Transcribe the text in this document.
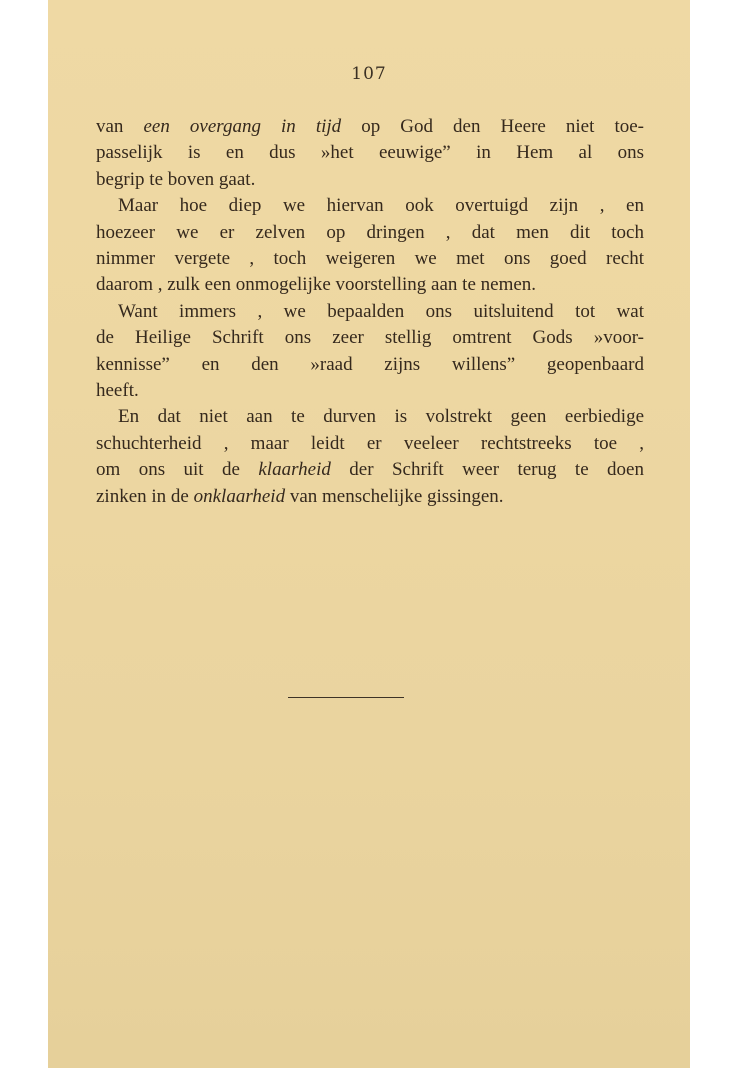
107
van een overgang in tijd op God den Heere niet toe-
passelijk is en dus »het eeuwige” in Hem al ons
begrip te boven gaat.
Maar hoe diep we hiervan ook overtuigd zijn , en
hoezeer we er zelven op dringen , dat men dit toch
nimmer vergete , toch weigeren we met ons goed recht
daarom , zulk een onmogelijke voorstelling aan te nemen.
Want immers , we bepaalden ons uitsluitend tot wat
de Heilige Schrift ons zeer stellig omtrent Gods »voor-
kennisse” en den »raad zijns willens” geopenbaard
heeft.
En dat niet aan te durven is volstrekt geen eerbiedige
schuchterheid , maar leidt er veeleer rechtstreeks toe ,
om ons uit de klaarheid der Schrift weer terug te doen
zinken in de onklaarheid van menschelijke gissingen.
